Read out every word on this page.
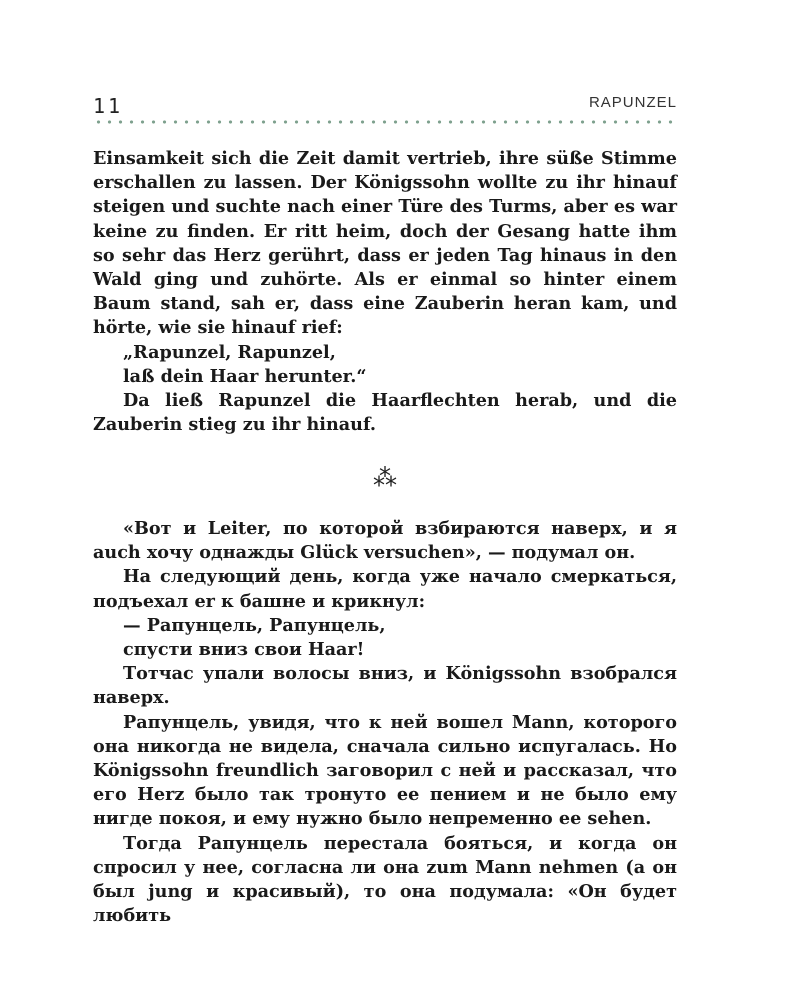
11	RAPUNZEL

Einsamkeit sich die Zeit damit vertrieb, ihre süße Stimme erschallen zu lassen. Der Königssohn wollte zu ihr hinauf steigen und suchte nach einer Türe des Turms, aber es war keine zu finden. Er ritt heim, doch der Gesang hatte ihm so sehr das Herz gerührt, dass er jeden Tag hinaus in den Wald ging und zuhörte. Als er einmal so hinter einem Baum stand, sah er, dass eine Zauberin heran kam, und hörte, wie sie hinauf rief:

„Rapunzel, Rapunzel,

laß dein Haar herunter.“

Da ließ Rapunzel die Haarflechten herab, und die Zauberin stieg zu ihr hinauf.

⁂

«Вот и Leiter, по которой взбираются наверх, и я auch хочу однажды Glück versuchen», — подумал он.

На следующий день, когда уже начало смеркаться, подъехал er к башне и крикнул:

— Рапунцель, Рапунцель,

спусти вниз свои Haar!

Тотчас упали волосы вниз, и Königssohn взобрался наверх.

Рапунцель, увидя, что к ней вошел Mann, которого она никогда не видела, сначала сильно испугалась. Но Königssohn freundlich заговорил с ней и рассказал, что его Herz было так тронуто ее пением и не было ему нигде покоя, и ему нужно было непременно ее sehen.

Тогда Рапунцель перестала бояться, и когда он спросил у нее, согласна ли она zum Mann nehmen (а он был jung и красивый), то она подумала: «Он будет любить
